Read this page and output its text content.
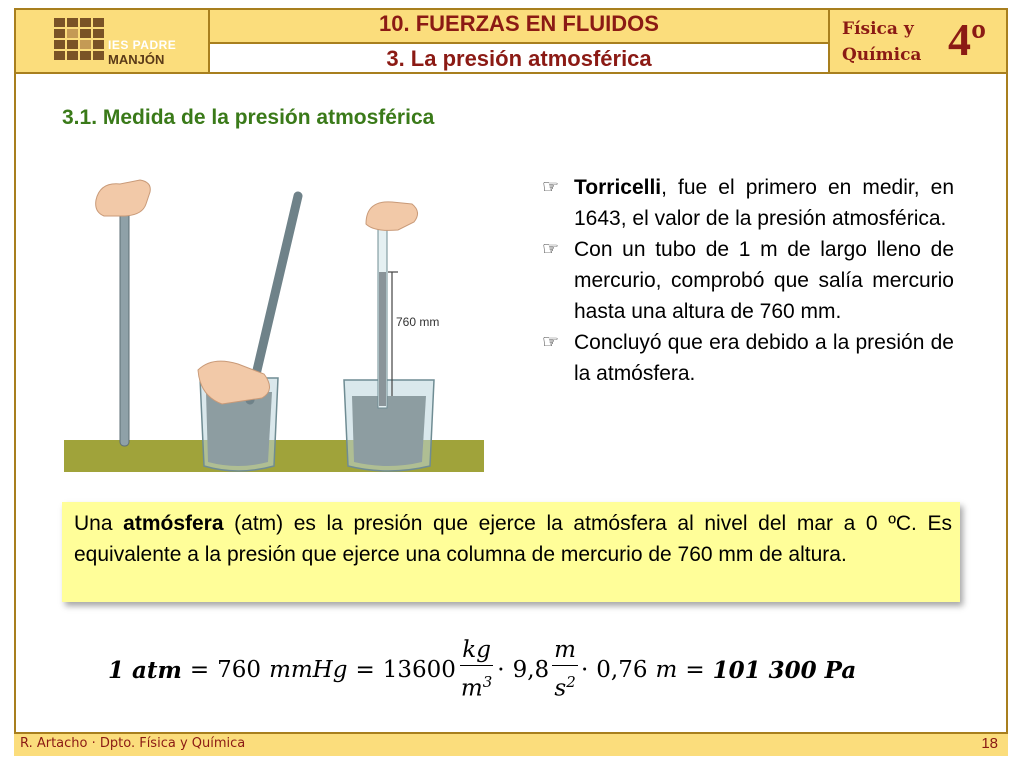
IES PADRE
MANJÓN
10. FUERZAS EN FLUIDOS
3. La presión atmosférica
Física y
Química 4º
3.1. Medida de la presión atmosférica
760 mm
☞ Torricelli, fue el primero en medir, en 1643, el valor de la presión atmosférica.
☞ Con un tubo de 1 m de largo lleno de mercurio, comprobó que salía mercurio hasta una altura de 760 mm.
☞ Concluyó que era debido a la presión de la atmósfera.
Una atmósfera (atm) es la presión que ejerce la atmósfera al nivel del mar a 0 ºC. Es equivalente a la presión que ejerce una columna de mercurio de 760 mm de altura.
1 atm = 760 mmHg = $13600 \frac{kg}{m^3} \cdot 9,8 \frac{m}{s^2} \cdot 0,76$ m = 101 300 Pa
R. Artacho · Dpto. Física y Química	18
